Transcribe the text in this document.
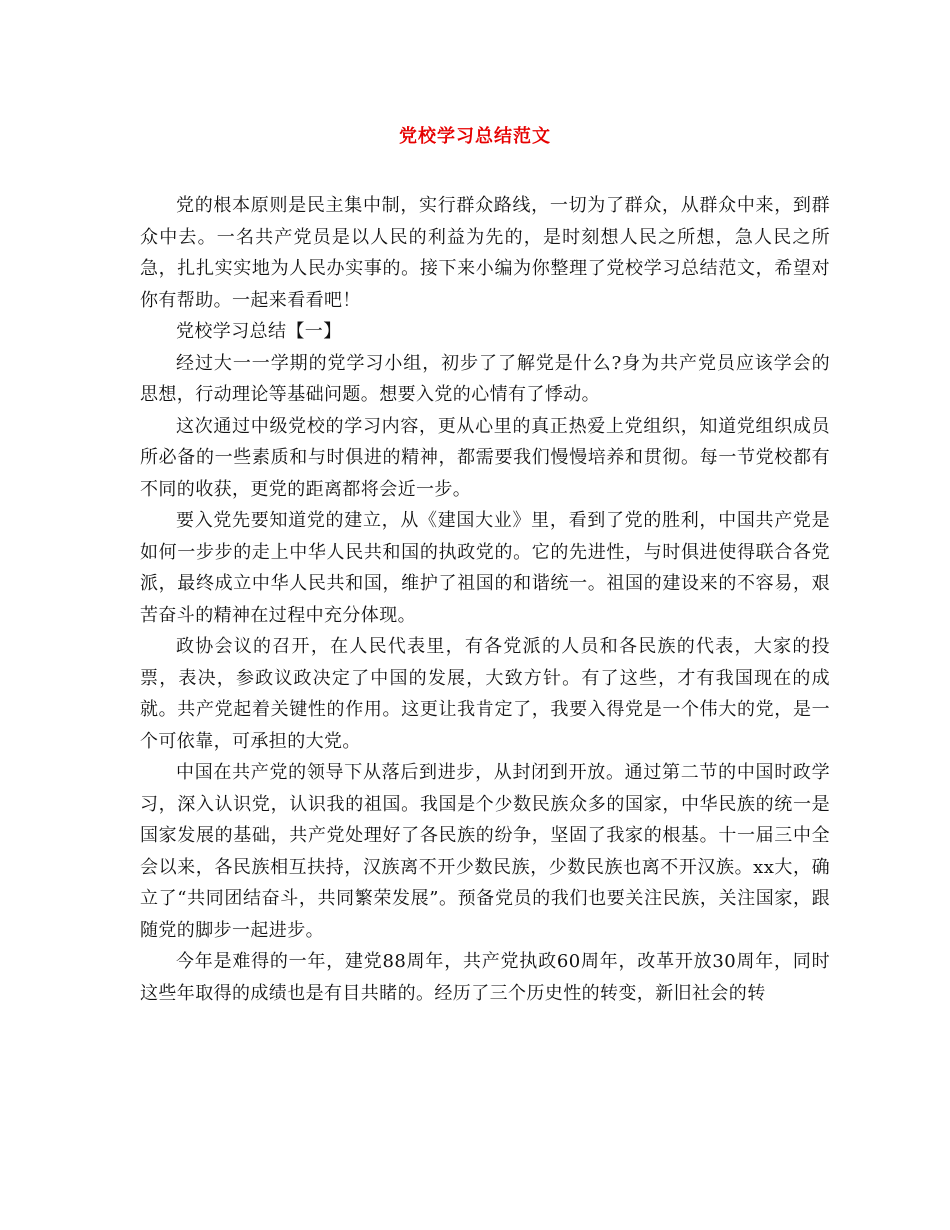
党校学习总结范文

党的根本原则是民主集中制，实行群众路线，一切为了群众，从群众中来，到群众中去。一名共产党员是以人民的利益为先的，是时刻想人民之所想，急人民之所急，扎扎实实地为人民办实事的。接下来小编为你整理了党校学习总结范文，希望对你有帮助。一起来看看吧！

党校学习总结【一】

经过大一一学期的党学习小组，初步了了解党是什么?身为共产党员应该学会的思想，行动理论等基础问题。想要入党的心情有了悸动。

这次通过中级党校的学习内容，更从心里的真正热爱上党组织，知道党组织成员所必备的一些素质和与时俱进的精神，都需要我们慢慢培养和贯彻。每一节党校都有不同的收获，更党的距离都将会近一步。

要入党先要知道党的建立，从《建国大业》里，看到了党的胜利，中国共产党是如何一步步的走上中华人民共和国的执政党的。它的先进性，与时俱进使得联合各党派，最终成立中华人民共和国，维护了祖国的和谐统一。祖国的建设来的不容易，艰苦奋斗的精神在过程中充分体现。

政协会议的召开，在人民代表里，有各党派的人员和各民族的代表，大家的投票，表决，参政议政决定了中国的发展，大致方针。有了这些，才有我国现在的成就。共产党起着关键性的作用。这更让我肯定了，我要入得党是一个伟大的党，是一个可依靠，可承担的大党。

中国在共产党的领导下从落后到进步，从封闭到开放。通过第二节的中国时政学习，深入认识党，认识我的祖国。我国是个少数民族众多的国家，中华民族的统一是国家发展的基础，共产党处理好了各民族的纷争，坚固了我家的根基。十一届三中全会以来，各民族相互扶持，汉族离不开少数民族，少数民族也离不开汉族。xx大，确立了“共同团结奋斗，共同繁荣发展”。预备党员的我们也要关注民族，关注国家，跟随党的脚步一起进步。

今年是难得的一年，建党88周年，共产党执政60周年，改革开放30周年，同时这些年取得的成绩也是有目共睹的。经历了三个历史性的转变，新旧社会的转
